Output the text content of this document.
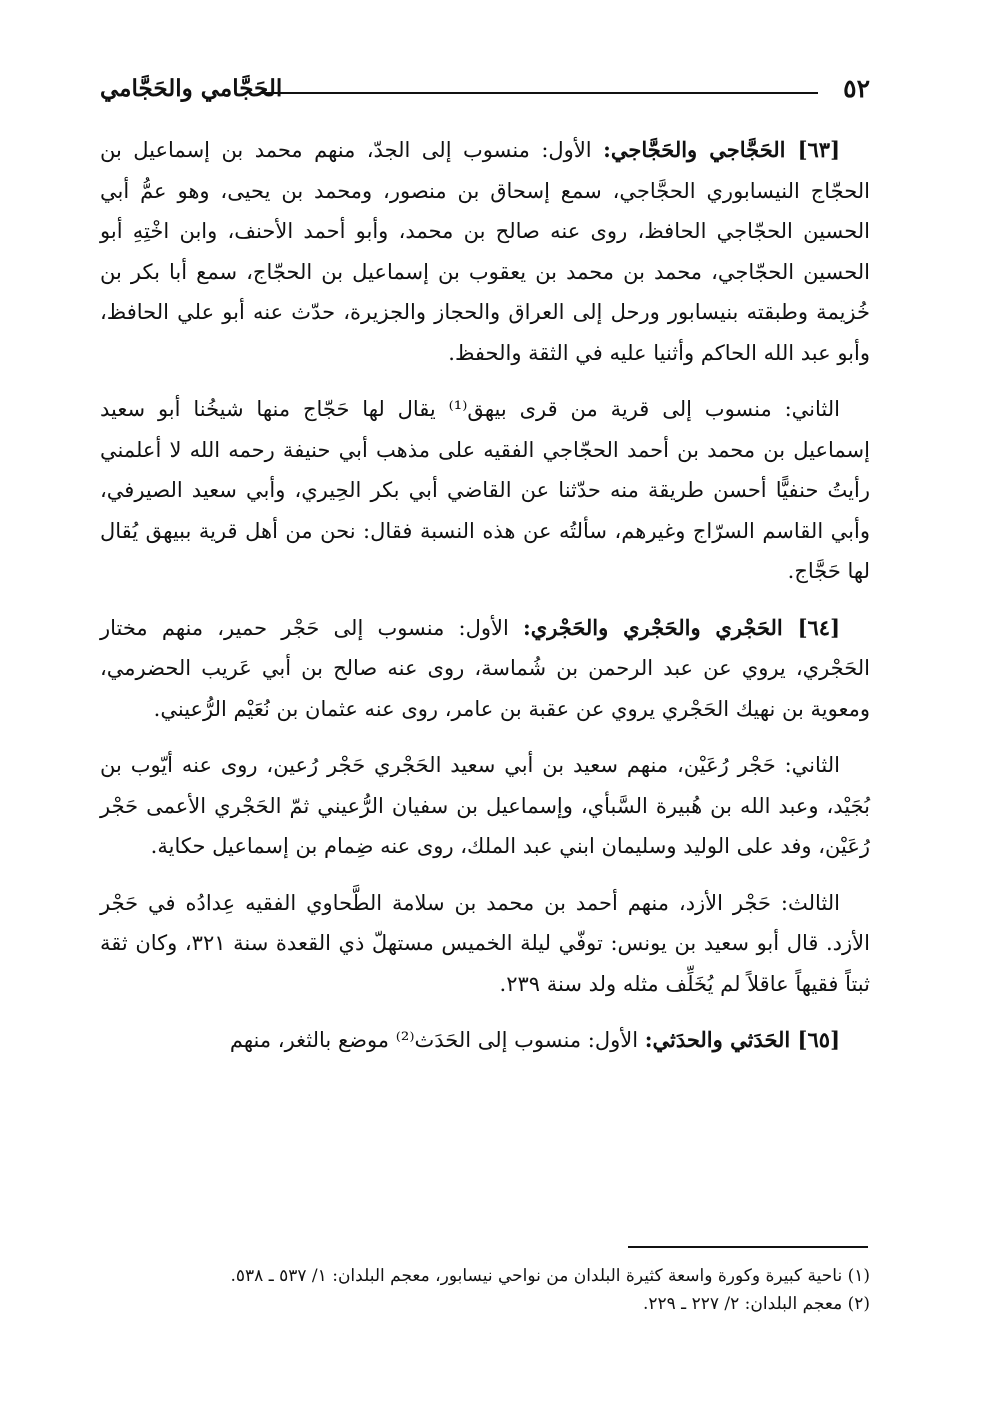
٥٢
الحَجَّامي والحَجَّامي

[٦٣] الحَجَّاجي والحَجَّاجي: الأول: منسوب إلى الجدّ، منهم محمد بن إسماعيل بن الحجّاج النيسابوري الحجَّاجي، سمع إسحاق بن منصور، ومحمد بن يحيى، وهو عمُّ أبي الحسين الحجّاجي الحافظ، روى عنه صالح بن محمد، وأبو أحمد الأحنف، وابن اخْتِهِ أبو الحسين الحجّاجي، محمد بن محمد بن يعقوب بن إسماعيل بن الحجّاج، سمع أبا بكر بن خُزيمة وطبقته بنيسابور ورحل إلى العراق والحجاز والجزيرة، حدّث عنه أبو علي الحافظ، وأبو عبد الله الحاكم وأثنيا عليه في الثقة والحفظ.

الثاني: منسوب إلى قرية من قرى بيهق⁽¹⁾ يقال لها حَجّاج منها شيخُنا أبو سعيد إسماعيل بن محمد بن أحمد الحجّاجي الفقيه على مذهب أبي حنيفة رحمه الله لا أعلمني رأيتُ حنفيًّا أحسن طريقة منه حدّثنا عن القاضي أبي بكر الحِيري، وأبي سعيد الصيرفي، وأبي القاسم السرّاج وغيرهم، سألتُه عن هذه النسبة فقال: نحن من أهل قرية ببيهق يُقال لها حَجَّاج.

[٦٤] الحَجْري والحَجْري والحَجْري: الأول: منسوب إلى حَجْر حمير، منهم مختار الحَجْري، يروي عن عبد الرحمن بن شُماسة، روى عنه صالح بن أبي عَريب الحضرمي، ومعوية بن نهيك الحَجْري يروي عن عقبة بن عامر، روى عنه عثمان بن نُعَيْم الرُّعيني.

الثاني: حَجْر رُعَيْن، منهم سعيد بن أبي سعيد الحَجْري حَجْر رُعين، روى عنه أيّوب بن بُجَيْد، وعبد الله بن هُبيرة السَّبأي، وإسماعيل بن سفيان الرُّعيني ثمّ الحَجْري الأعمى حَجْر رُعَيْن، وفد على الوليد وسليمان ابني عبد الملك، روى عنه ضِمام بن إسماعيل حكاية.

الثالث: حَجْر الأزد، منهم أحمد بن محمد بن سلامة الطَّحاوي الفقيه عِدادُه في حَجْر الأزد. قال أبو سعيد بن يونس: توفّي ليلة الخميس مستهلّ ذي القعدة سنة ٣٢١، وكان ثقة ثبتاً فقيهاً عاقلاً لم يُخَلِّف مثله ولد سنة ٢٣٩.

[٦٥] الحَدَثي والحدَثي: الأول: منسوب إلى الحَدَث⁽²⁾ موضع بالثغر، منهم

(١) ناحية كبيرة وكورة واسعة كثيرة البلدان من نواحي نيسابور، معجم البلدان: ١/ ٥٣٧ ـ ٥٣٨.

(٢) معجم البلدان: ٢/ ٢٢٧ ـ ٢٢٩.
